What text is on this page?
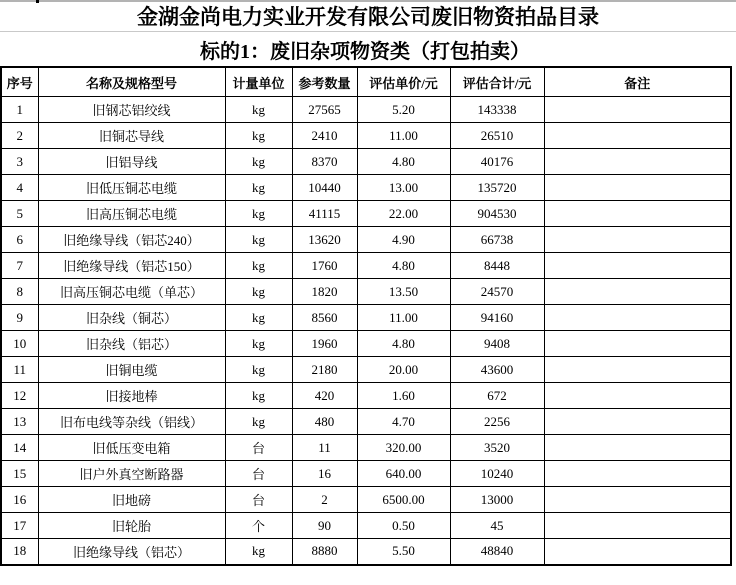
金湖金尚电力实业开发有限公司废旧物资拍品目录
标的1：废旧杂项物资类（打包拍卖）
序号	名称及规格型号	计量单位	参考数量	评估单价/元	评估合计/元	备注
1	旧钢芯铝绞线	kg	27565	5.20	143338	
2	旧铜芯导线	kg	2410	11.00	26510	
3	旧铝导线	kg	8370	4.80	40176	
4	旧低压铜芯电缆	kg	10440	13.00	135720	
5	旧高压铜芯电缆	kg	41115	22.00	904530	
6	旧绝缘导线（铝芯240）	kg	13620	4.90	66738	
7	旧绝缘导线（铝芯150）	kg	1760	4.80	8448	
8	旧高压铜芯电缆（单芯）	kg	1820	13.50	24570	
9	旧杂线（铜芯）	kg	8560	11.00	94160	
10	旧杂线（铝芯）	kg	1960	4.80	9408	
11	旧铜电缆	kg	2180	20.00	43600	
12	旧接地棒	kg	420	1.60	672	
13	旧布电线等杂线（铝线）	kg	480	4.70	2256	
14	旧低压变电箱	台	11	320.00	3520	
15	旧户外真空断路器	台	16	640.00	10240	
16	旧地磅	台	2	6500.00	13000	
17	旧轮胎	个	90	0.50	45	
18	旧绝缘导线（铝芯）	kg	8880	5.50	48840	
